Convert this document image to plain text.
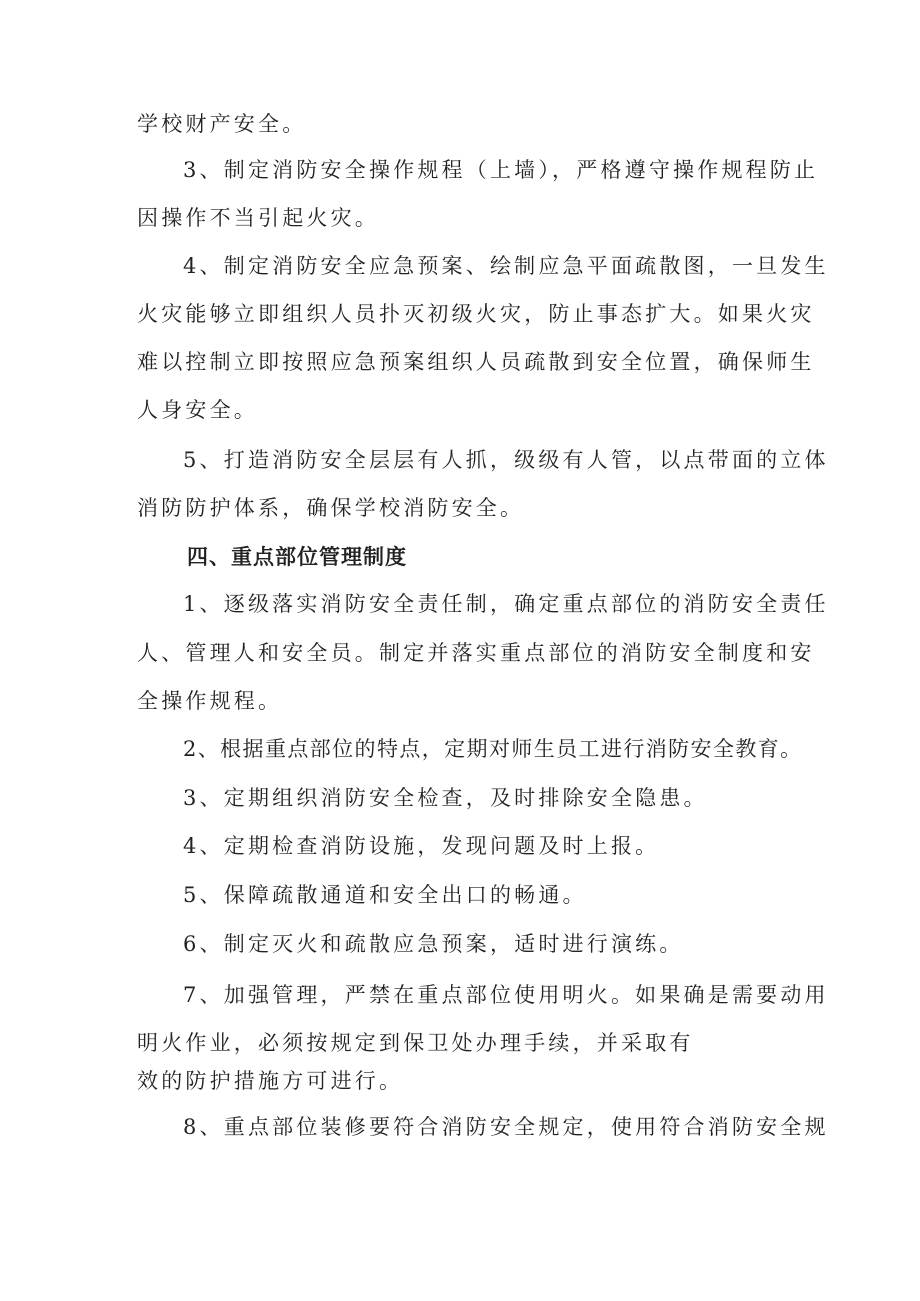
学校财产安全。
3、制定消防安全操作规程（上墙），严格遵守操作规程防止
因操作不当引起火灾。
4、制定消防安全应急预案、绘制应急平面疏散图，一旦发生
火灾能够立即组织人员扑灭初级火灾，防止事态扩大。如果火灾
难以控制立即按照应急预案组织人员疏散到安全位置，确保师生
人身安全。
5、打造消防安全层层有人抓，级级有人管，以点带面的立体
消防防护体系，确保学校消防安全。
四、重点部位管理制度
1、逐级落实消防安全责任制，确定重点部位的消防安全责任
人、管理人和安全员。制定并落实重点部位的消防安全制度和安
全操作规程。
2、根据重点部位的特点，定期对师生员工进行消防安全教育。
3、定期组织消防安全检查，及时排除安全隐患。
4、定期检查消防设施，发现问题及时上报。
5、保障疏散通道和安全出口的畅通。
6、制定灭火和疏散应急预案，适时进行演练。
7、加强管理，严禁在重点部位使用明火。如果确是需要动用
明火作业，必须按规定到保卫处办理手续，并采取有
效的防护措施方可进行。
8、重点部位装修要符合消防安全规定，使用符合消防安全规
